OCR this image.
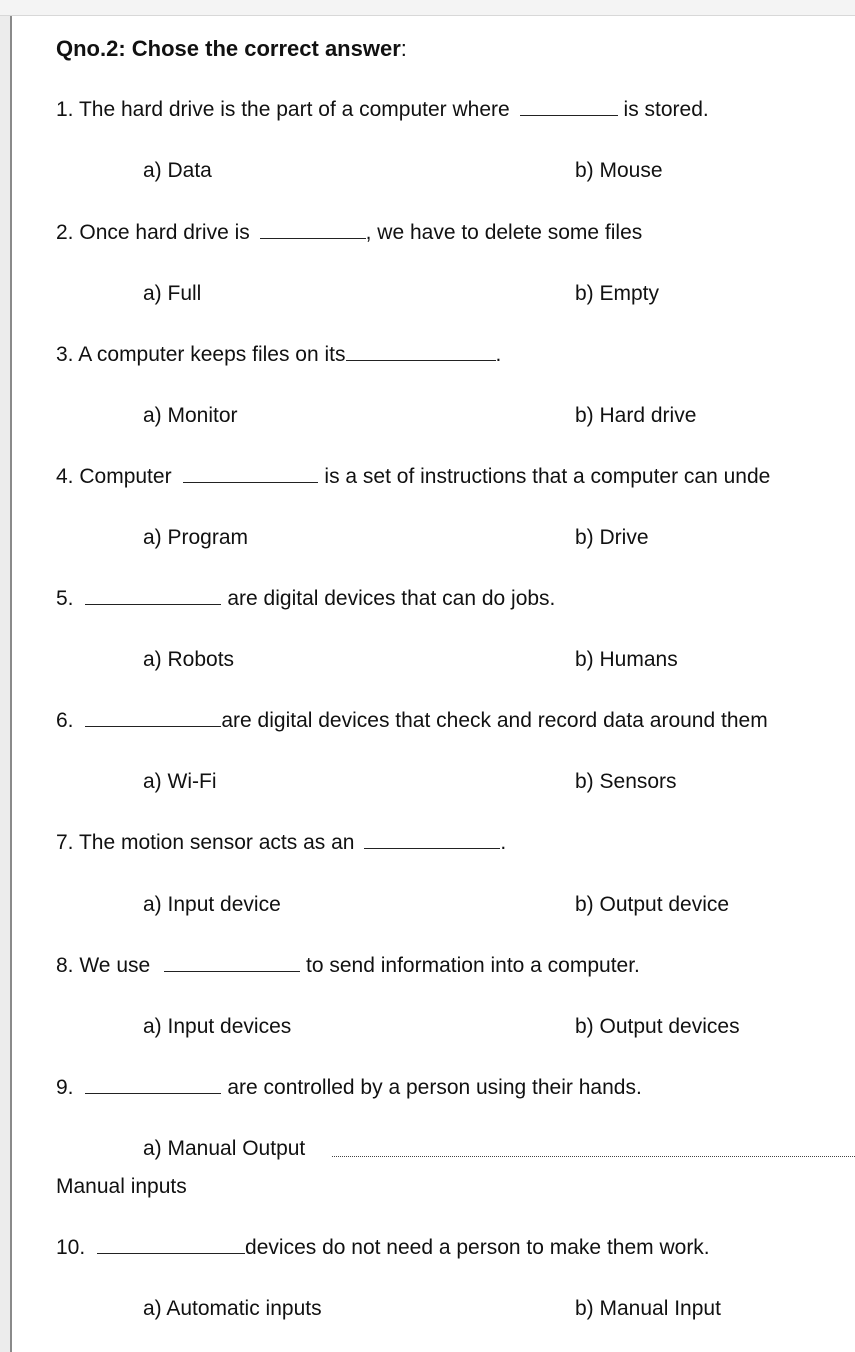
Qno.2: Chose the correct answer:
1. The hard drive is the part of a computer where	is stored.
a) Data	b) Mouse
2. Once hard drive is	, we have to delete some files
a) Full	b) Empty
3. A computer keeps files on its	.
a) Monitor	b) Hard drive
4. Computer	is a set of instructions that a computer can unde
a) Program	b) Drive
5.	are digital devices that can do jobs.
a) Robots	b) Humans
6.	are digital devices that check and record data around them
a) Wi-Fi	b) Sensors
7. The motion sensor acts as an	.
a) Input device	b) Output device
8. We use	to send information into a computer.
a) Input devices	b) Output devices
9.	are controlled by a person using their hands.
a) Manual Output
Manual inputs
10.	devices do not need a person to make them work.
a) Automatic inputs	b) Manual Input
